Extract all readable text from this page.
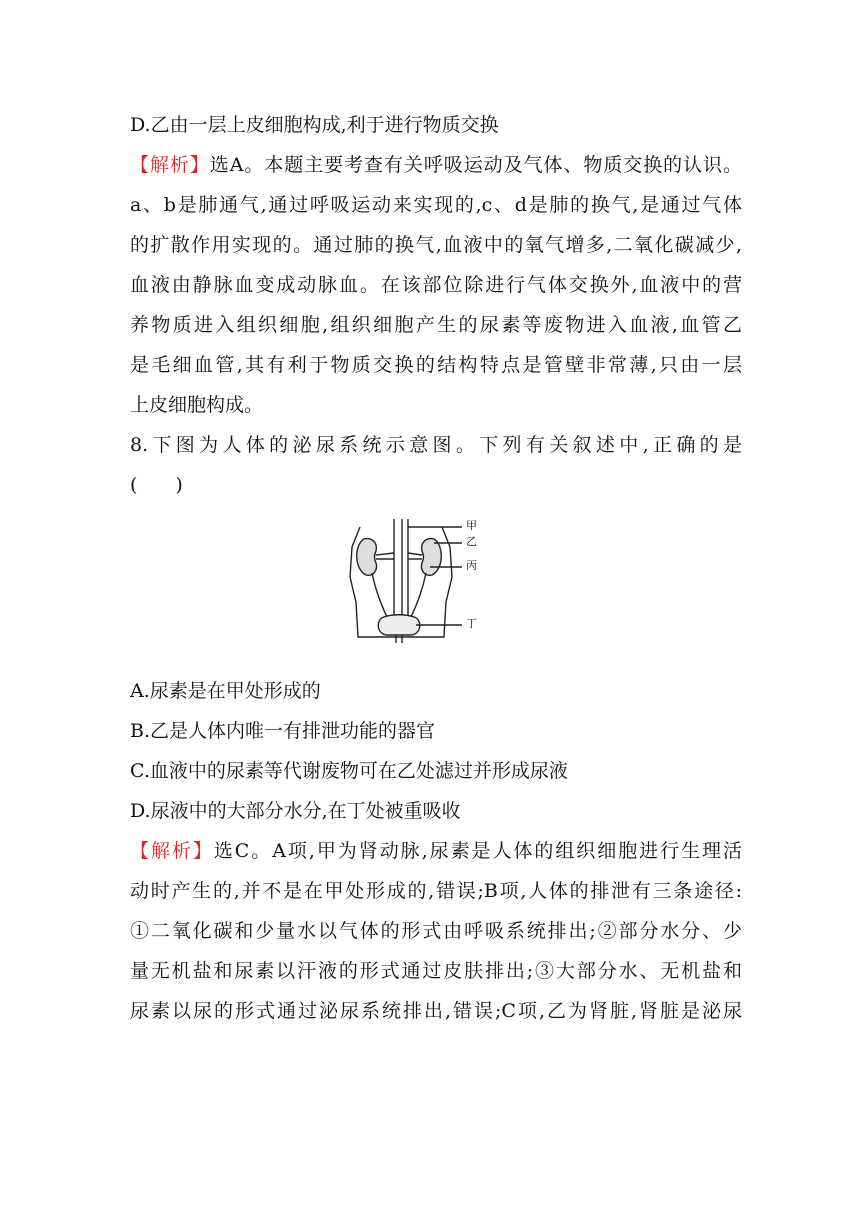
D.乙由一层上皮细胞构成,利于进行物质交换
【解析】选A。本题主要考查有关呼吸运动及气体、物质交换的认识。
a、b是肺通气,通过呼吸运动来实现的,c、d是肺的换气,是通过气体
的扩散作用实现的。通过肺的换气,血液中的氧气增多,二氧化碳减少,
血液由静脉血变成动脉血。在该部位除进行气体交换外,血液中的营
养物质进入组织细胞,组织细胞产生的尿素等废物进入血液,血管乙
是毛细血管,其有利于物质交换的结构特点是管壁非常薄,只由一层
上皮细胞构成。
8.下图为人体的泌尿系统示意图。下列有关叙述中,正确的是
(　　)
甲
乙
丙
丁
A.尿素是在甲处形成的
B.乙是人体内唯一有排泄功能的器官
C.血液中的尿素等代谢废物可在乙处滤过并形成尿液
D.尿液中的大部分水分,在丁处被重吸收
【解析】选C。A项,甲为肾动脉,尿素是人体的组织细胞进行生理活
动时产生的,并不是在甲处形成的,错误;B项,人体的排泄有三条途径:
①二氧化碳和少量水以气体的形式由呼吸系统排出;②部分水分、少
量无机盐和尿素以汗液的形式通过皮肤排出;③大部分水、无机盐和
尿素以尿的形式通过泌尿系统排出,错误;C项,乙为肾脏,肾脏是泌尿
